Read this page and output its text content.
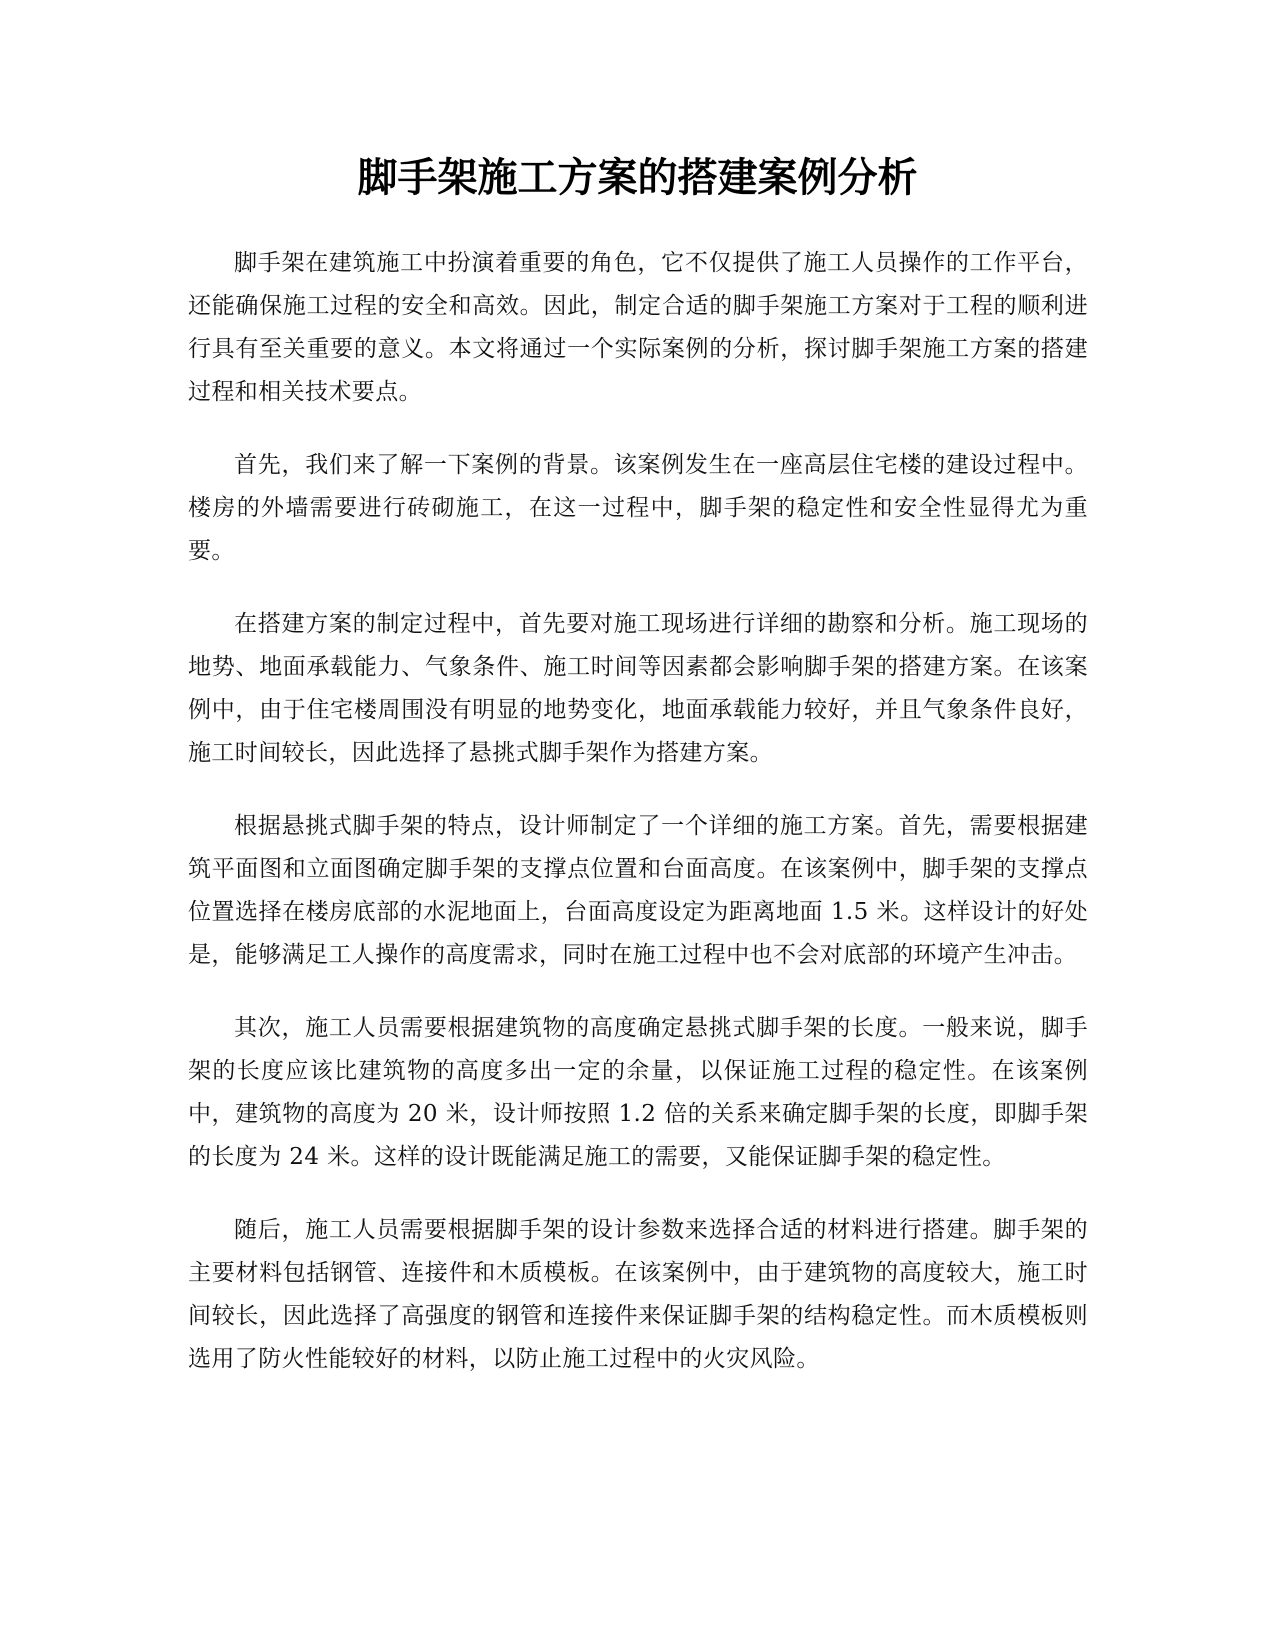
脚手架施工方案的搭建案例分析

脚手架在建筑施工中扮演着重要的角色，它不仅提供了施工人员操作的工作平台，还能确保施工过程的安全和高效。因此，制定合适的脚手架施工方案对于工程的顺利进行具有至关重要的意义。本文将通过一个实际案例的分析，探讨脚手架施工方案的搭建过程和相关技术要点。

首先，我们来了解一下案例的背景。该案例发生在一座高层住宅楼的建设过程中。楼房的外墙需要进行砖砌施工，在这一过程中，脚手架的稳定性和安全性显得尤为重要。

在搭建方案的制定过程中，首先要对施工现场进行详细的勘察和分析。施工现场的地势、地面承载能力、气象条件、施工时间等因素都会影响脚手架的搭建方案。在该案例中，由于住宅楼周围没有明显的地势变化，地面承载能力较好，并且气象条件良好，施工时间较长，因此选择了悬挑式脚手架作为搭建方案。

根据悬挑式脚手架的特点，设计师制定了一个详细的施工方案。首先，需要根据建筑平面图和立面图确定脚手架的支撑点位置和台面高度。在该案例中，脚手架的支撑点位置选择在楼房底部的水泥地面上，台面高度设定为距离地面 1.5 米。这样设计的好处是，能够满足工人操作的高度需求，同时在施工过程中也不会对底部的环境产生冲击。

其次，施工人员需要根据建筑物的高度确定悬挑式脚手架的长度。一般来说，脚手架的长度应该比建筑物的高度多出一定的余量，以保证施工过程的稳定性。在该案例中，建筑物的高度为 20 米，设计师按照 1.2 倍的关系来确定脚手架的长度，即脚手架的长度为 24 米。这样的设计既能满足施工的需要，又能保证脚手架的稳定性。

随后，施工人员需要根据脚手架的设计参数来选择合适的材料进行搭建。脚手架的主要材料包括钢管、连接件和木质模板。在该案例中，由于建筑物的高度较大，施工时间较长，因此选择了高强度的钢管和连接件来保证脚手架的结构稳定性。而木质模板则选用了防火性能较好的材料，以防止施工过程中的火灾风险。
